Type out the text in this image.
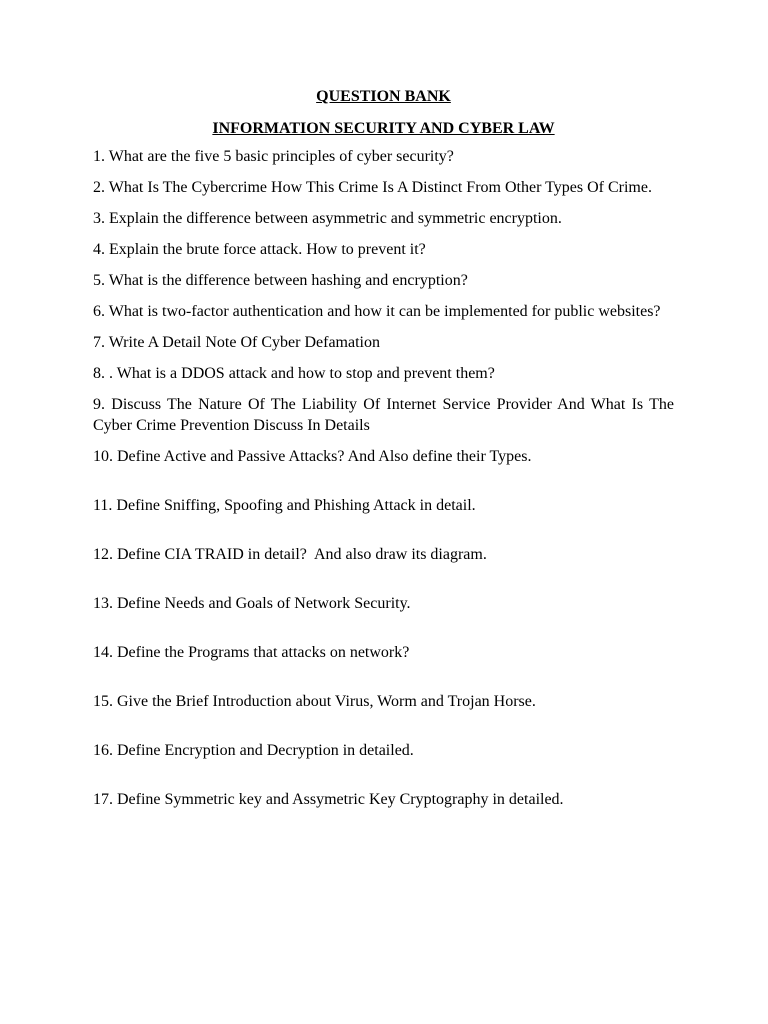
QUESTION BANK
INFORMATION SECURITY AND CYBER LAW
1. What are the five 5 basic principles of cyber security?
2. What Is The Cybercrime How This Crime Is A Distinct From Other Types Of Crime.
3. Explain the difference between asymmetric and symmetric encryption.
4. Explain the brute force attack. How to prevent it?
5. What is the difference between hashing and encryption?
6. What is two-factor authentication and how it can be implemented for public websites?
7. Write A Detail Note Of Cyber Defamation
8. . What is a DDOS attack and how to stop and prevent them?
9. Discuss The Nature Of The Liability Of Internet Service Provider And What Is The Cyber Crime Prevention Discuss In Details
10. Define Active and Passive Attacks? And Also define their Types.
11. Define Sniffing, Spoofing and Phishing Attack in detail.
12. Define CIA TRAID in detail?  And also draw its diagram.
13. Define Needs and Goals of Network Security.
14. Define the Programs that attacks on network?
15. Give the Brief Introduction about Virus, Worm and Trojan Horse.
16. Define Encryption and Decryption in detailed.
17. Define Symmetric key and Assymetric Key Cryptography in detailed.
